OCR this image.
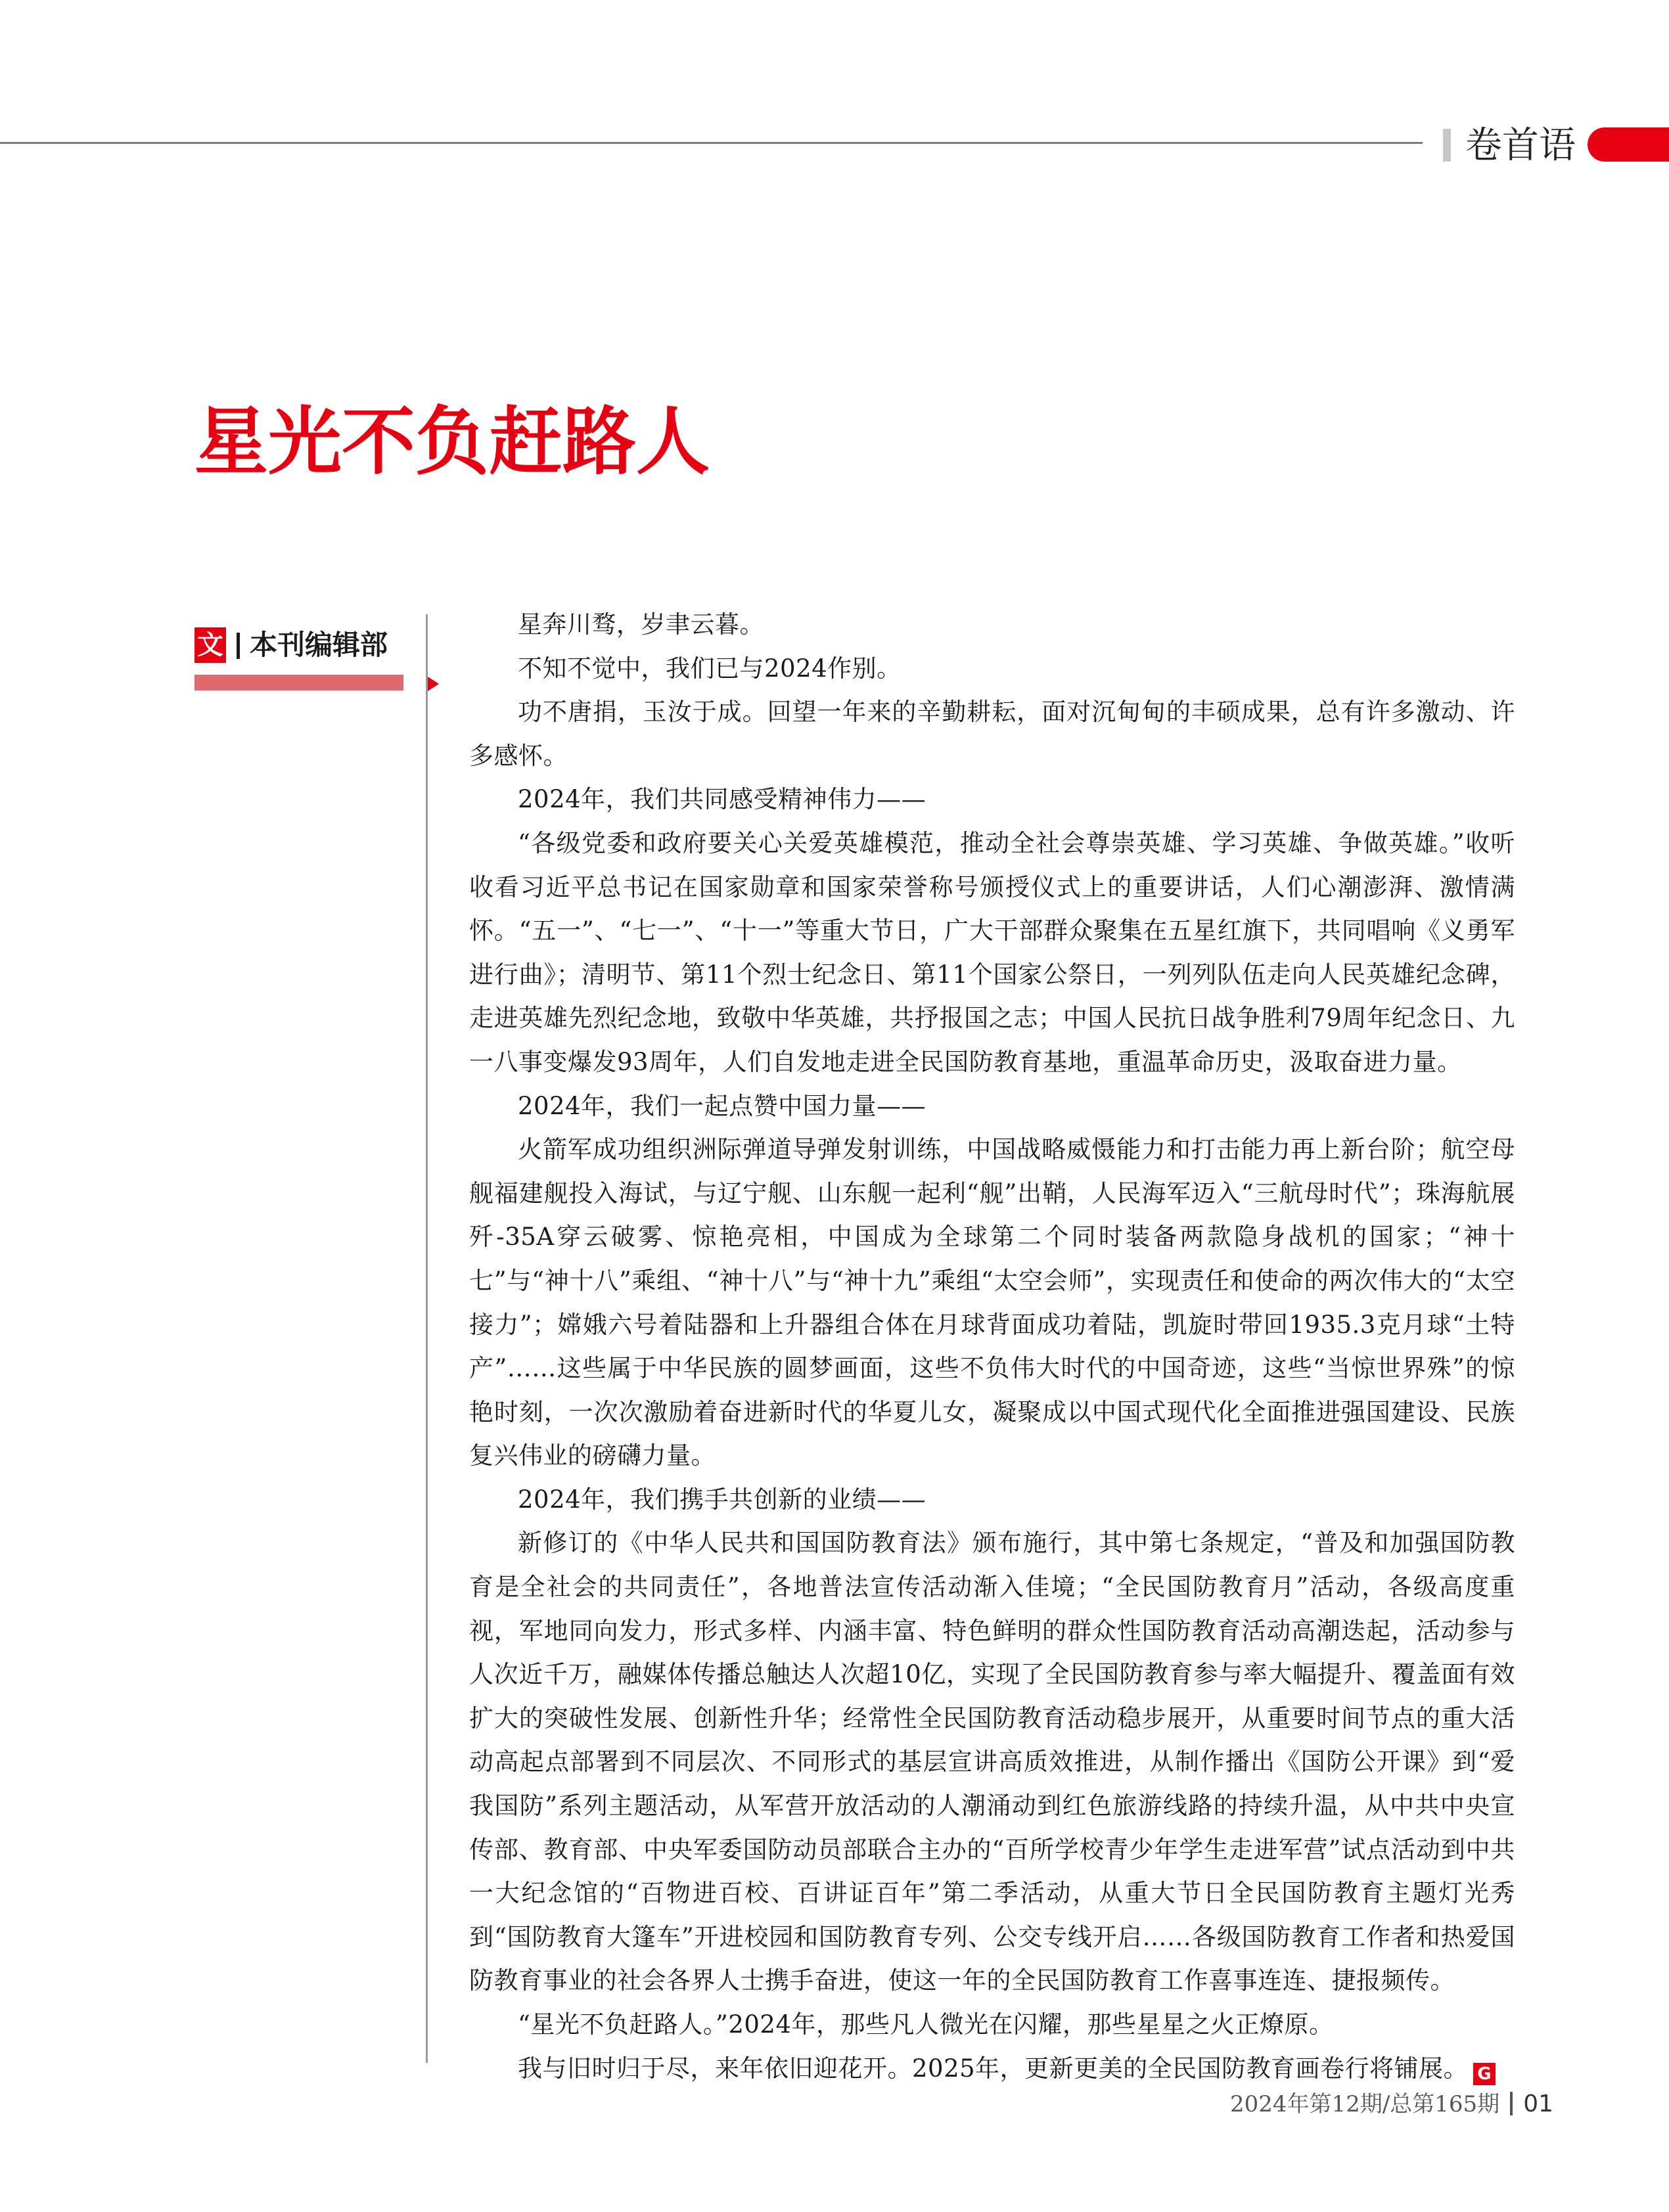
卷首语
星光不负赶路人
文 本刊编辑部

星奔川骛，岁聿云暮。

不知不觉中，我们已与2024作别。

功不唐捐，玉汝于成。回望一年来的辛勤耕耘，面对沉甸甸的丰硕成果，总有许多激动、许多感怀。

2024年，我们共同感受精神伟力——

“各级党委和政府要关心关爱英雄模范，推动全社会尊崇英雄、学习英雄、争做英雄。”收听收看习近平总书记在国家勋章和国家荣誉称号颁授仪式上的重要讲话，人们心潮澎湃、激情满怀。“五一”、“七一”、“十一”等重大节日，广大干部群众聚集在五星红旗下，共同唱响《义勇军进行曲》；清明节、第11个烈士纪念日、第11个国家公祭日，一列列队伍走向人民英雄纪念碑，走进英雄先烈纪念地，致敬中华英雄，共抒报国之志；中国人民抗日战争胜利79周年纪念日、九一八事变爆发93周年，人们自发地走进全民国防教育基地，重温革命历史，汲取奋进力量。

2024年，我们一起点赞中国力量——

火箭军成功组织洲际弹道导弹发射训练，中国战略威慑能力和打击能力再上新台阶；航空母舰福建舰投入海试，与辽宁舰、山东舰一起利“舰”出鞘，人民海军迈入“三航母时代”；珠海航展歼-35A穿云破雾、惊艳亮相，中国成为全球第二个同时装备两款隐身战机的国家；“神十七”与“神十八”乘组、“神十八”与“神十九”乘组“太空会师”，实现责任和使命的两次伟大的“太空接力”；嫦娥六号着陆器和上升器组合体在月球背面成功着陆，凯旋时带回1935.3克月球“土特产”……这些属于中华民族的圆梦画面，这些不负伟大时代的中国奇迹，这些“当惊世界殊”的惊艳时刻，一次次激励着奋进新时代的华夏儿女，凝聚成以中国式现代化全面推进强国建设、民族复兴伟业的磅礴力量。

2024年，我们携手共创新的业绩——

新修订的《中华人民共和国国防教育法》颁布施行，其中第七条规定，“普及和加强国防教育是全社会的共同责任”，各地普法宣传活动渐入佳境；“全民国防教育月”活动，各级高度重视，军地同向发力，形式多样、内涵丰富、特色鲜明的群众性国防教育活动高潮迭起，活动参与人次近千万，融媒体传播总触达人次超10亿，实现了全民国防教育参与率大幅提升、覆盖面有效扩大的突破性发展、创新性升华；经常性全民国防教育活动稳步展开，从重要时间节点的重大活动高起点部署到不同层次、不同形式的基层宣讲高质效推进，从制作播出《国防公开课》到“爱我国防”系列主题活动，从军营开放活动的人潮涌动到红色旅游线路的持续升温，从中共中央宣传部、教育部、中央军委国防动员部联合主办的“百所学校青少年学生走进军营”试点活动到中共一大纪念馆的“百物进百校、百讲证百年”第二季活动，从重大节日全民国防教育主题灯光秀到“国防教育大篷车”开进校园和国防教育专列、公交专线开启……各级国防教育工作者和热爱国防教育事业的社会各界人士携手奋进，使这一年的全民国防教育工作喜事连连、捷报频传。

“星光不负赶路人。”2024年，那些凡人微光在闪耀，那些星星之火正燎原。

我与旧时归于尽，来年依旧迎花开。2025年，更新更美的全民国防教育画卷行将铺展。 G

2024年第12期/总第165期 01
